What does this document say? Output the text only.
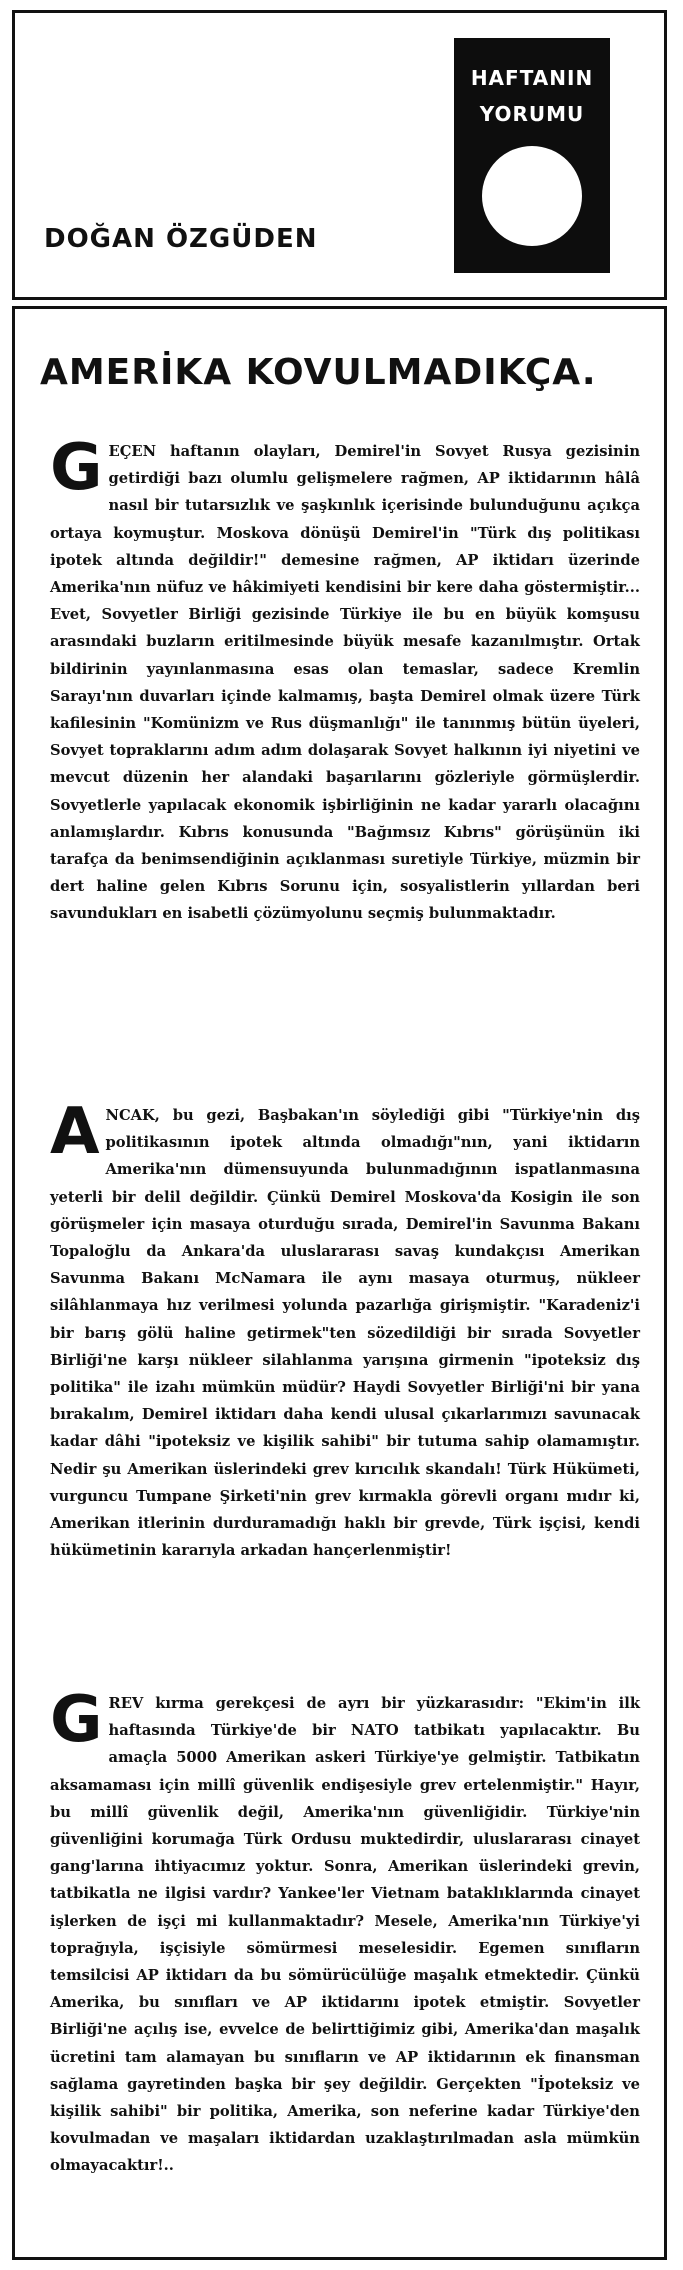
DOĞAN ÖZGÜDEN
HAFTANIN
YORUMU
AMERİKA KOVULMADIKÇA.

GEÇEN haftanın olayları, Demirel'in Sovyet Rusya gezisinin getirdiği bazı olumlu gelişmelere rağmen, AP iktidarının hâlâ nasıl bir tutarsızlık ve şaşkınlık içerisinde bulunduğunu açıkça ortaya koymuştur. Moskova dönüşü Demirel'in "Türk dış politikası ipotek altında değildir!" demesine rağmen, AP iktidarı üzerinde Amerika'nın nüfuz ve hâkimiyeti kendisini bir kere daha göstermiştir... Evet, Sovyetler Birliği gezisinde Türkiye ile bu en büyük komşusu arasındaki buzların eritilmesinde büyük mesafe kazanılmıştır. Ortak bildirinin yayınlanmasına esas olan temaslar, sadece Kremlin Sarayı'nın duvarları içinde kalmamış, başta Demirel olmak üzere Türk kafilesinin "Komünizm ve Rus düşmanlığı" ile tanınmış bütün üyeleri, Sovyet topraklarını adım adım dolaşarak Sovyet halkının iyi niyetini ve mevcut düzenin her alandaki başarılarını gözleriyle görmüşlerdir. Sovyetlerle yapılacak ekonomik işbirliğinin ne kadar yararlı olacağını anlamışlardır. Kıbrıs konusunda "Bağımsız Kıbrıs" görüşünün iki tarafça da benimsendiğinin açıklanması suretiyle Türkiye, müzmin bir dert haline gelen Kıbrıs Sorunu için, sosyalistlerin yıllardan beri savundukları en isabetli çözümyolunu seçmiş bulunmaktadır.

ANCAK, bu gezi, Başbakan'ın söylediği gibi "Türkiye'nin dış politikasının ipotek altında olmadığı"nın, yani iktidarın Amerika'nın dümensuyunda bulunmadığının ispatlanmasına yeterli bir delil değildir. Çünkü Demirel Moskova'da Kosigin ile son görüşmeler için masaya oturduğu sırada, Demirel'in Savunma Bakanı Topaloğlu da Ankara'da uluslararası savaş kundakçısı Amerikan Savunma Bakanı McNamara ile aynı masaya oturmuş, nükleer silâhlanmaya hız verilmesi yolunda pazarlığa girişmiştir. "Karadeniz'i bir barış gölü haline getirmek"ten sözedildiği bir sırada Sovyetler Birliği'ne karşı nükleer silahlanma yarışına girmenin "ipoteksiz dış politika" ile izahı mümkün müdür? Haydi Sovyetler Birliği'ni bir yana bırakalım, Demirel iktidarı daha kendi ulusal çıkarlarımızı savunacak kadar dâhi "ipoteksiz ve kişilik sahibi" bir tutuma sahip olamamıştır. Nedir şu Amerikan üslerindeki grev kırıcılık skandalı! Türk Hükümeti, vurguncu Tumpane Şirketi'nin grev kırmakla görevli organı mıdır ki, Amerikan itlerinin durduramadığı haklı bir grevde, Türk işçisi, kendi hükümetinin kararıyla arkadan hançerlenmiştir!

GREV kırma gerekçesi de ayrı bir yüzkarasıdır: "Ekim'in ilk haftasında Türkiye'de bir NATO tatbikatı yapılacaktır. Bu amaçla 5000 Amerikan askeri Türkiye'ye gelmiştir. Tatbikatın aksamaması için millî güvenlik endişesiyle grev ertelenmiştir." Hayır, bu millî güvenlik değil, Amerika'nın güvenliğidir. Türkiye'nin güvenliğini korumağa Türk Ordusu muktedirdir, uluslararası cinayet gang'larına ihtiyacımız yoktur. Sonra, Amerikan üslerindeki grevin, tatbikatla ne ilgisi vardır? Yankee'ler Vietnam bataklıklarında cinayet işlerken de işçi mi kullanmaktadır? Mesele, Amerika'nın Türkiye'yi toprağıyla, işçisiyle sömürmesi meselesidir. Egemen sınıfların temsilcisi AP iktidarı da bu sömürücülüğe maşalık etmektedir. Çünkü Amerika, bu sınıfları ve AP iktidarını ipotek etmiştir. Sovyetler Birliği'ne açılış ise, evvelce de belirttiğimiz gibi, Amerika'dan maşalık ücretini tam alamayan bu sınıfların ve AP iktidarının ek finansman sağlama gayretinden başka bir şey değildir. Gerçekten "İpoteksiz ve kişilik sahibi" bir politika, Amerika, son neferine kadar Türkiye'den kovulmadan ve maşaları iktidardan uzaklaştırılmadan asla mümkün olmayacaktır!..
